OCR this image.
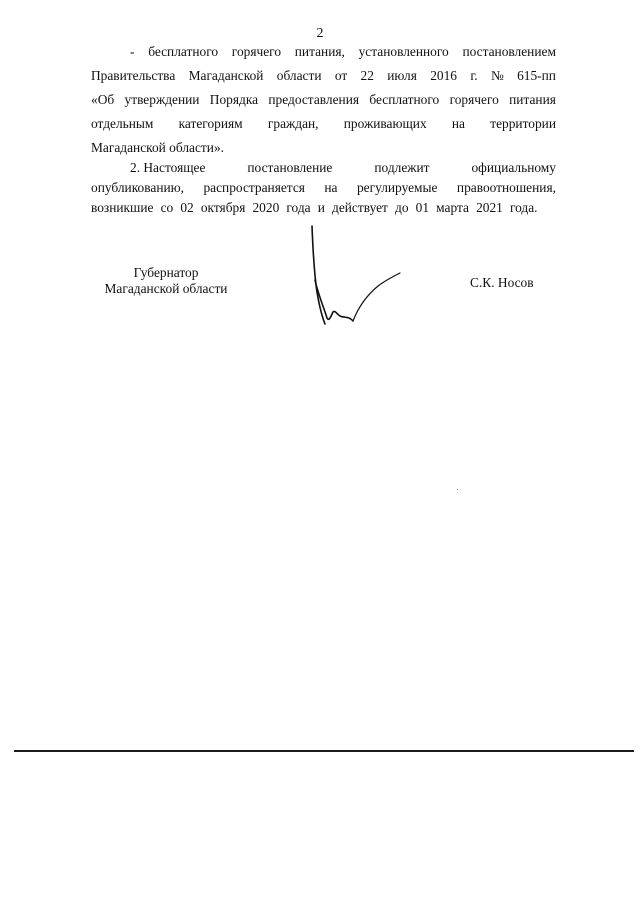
2
- бесплатного горячего питания, установленного постановлением
Правительства Магаданской области от 22 июля 2016 г. № 615-пп
«Об утверждении Порядка предоставления бесплатного горячего питания
отдельным категориям граждан, проживающих на территории
Магаданской области».
2. Настоящее	постановление	подлежит	официальному
опубликованию, распространяется на регулируемые правоотношения,
возникшие со 02 октября 2020 года и действует до 01 марта 2021 года.
Губернатор
Магаданской области	С.К. Носов
